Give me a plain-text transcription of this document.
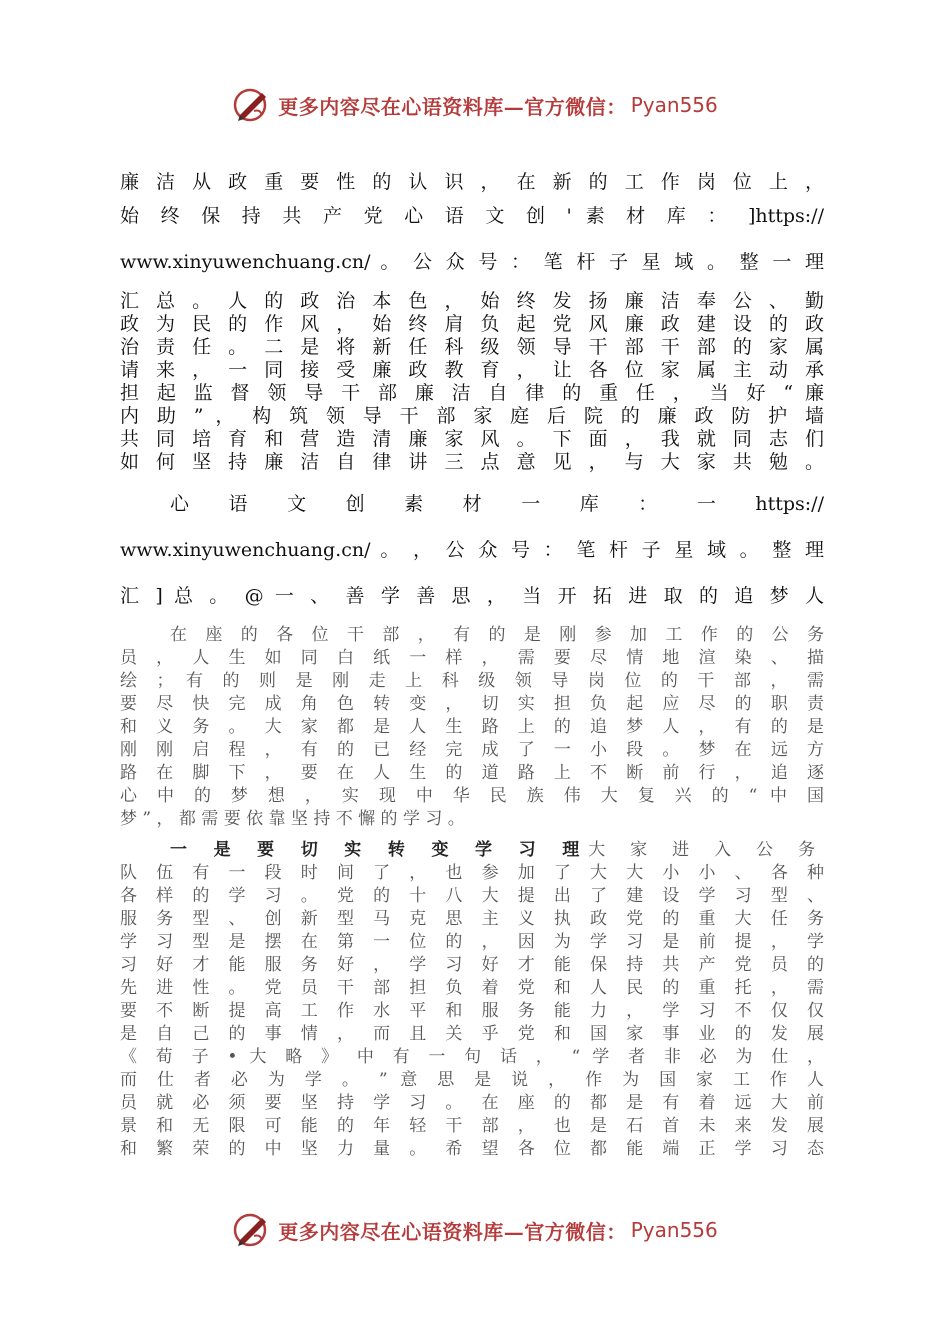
更多内容尽在心语资料库—官方微信： Pyan556
廉 洁 从 政 重 要 性 的 认 识 ， 在 新 的 工 作 岗 位 上 ，
始 终 保 持 共 产 党 心 语 文 创 ' 素 材 库 ： ]https://
www.xinyuwenchuang.cn/ 。 公 众 号 ： 笔 杆 子 星 域 。 整 一 理
汇 总 。 人 的 政 治 本 色 ， 始 终 发 扬 廉 洁 奉 公 、 勤
政 为 民 的 作 风 ， 始 终 肩 负 起 党 风 廉 政 建 设 的 政
治 责 任 。 二 是 将 新 任 科 级 领 导 干 部 干 部 的 家 属
请 来 ， 一 同 接 受 廉 政 教 育 ， 让 各 位 家 属 主 动 承
担 起 监 督 领 导 干 部 廉 洁 自 律 的 重 任 ， 当 好 “ 廉
内 助 ” ， 构 筑 领 导 干 部 家 庭 后 院 的 廉 政 防 护 墙
共 同 培 育 和 营 造 清 廉 家 风 。 下 面 ， 我 就 同 志 们
如 何 坚 持 廉 洁 自 律 讲 三 点 意 见 ， 与 大 家 共 勉 。
心 语 文 创 素 材 一 库 ： 一 https://
www.xinyuwenchuang.cn/ 。 ， 公 众 号 ： 笔 杆 子 星 域 。 整 理
汇 ] 总 。 @ 一 、 善 学 善 思 ， 当 开 拓 进 取 的 追 梦 人
在 座 的 各 位 干 部 ， 有 的 是 刚 参 加 工 作 的 公 务
员 ， 人 生 如 同 白 纸 一 样 ， 需 要 尽 情 地 渲 染 、 描
绘 ； 有 的 则 是 刚 走 上 科 级 领 导 岗 位 的 干 部 ， 需
要 尽 快 完 成 角 色 转 变 ， 切 实 担 负 起 应 尽 的 职 责
和 义 务 。 大 家 都 是 人 生 路 上 的 追 梦 人 ， 有 的 是
刚 刚 启 程 ， 有 的 已 经 完 成 了 一 小 段 。 梦 在 远 方
路 在 脚 下 ， 要 在 人 生 的 道 路 上 不 断 前 行 ， 追 逐
心 中 的 梦 想 ， 实 现 中 华 民 族 伟 大 复 兴 的 “ 中 国
梦 ” ， 都 需 要 依 靠 坚 持 不 懈 的 学 习 。
一 是 要 切 实 转 变 学 习 理 大 家 进 入 公 务
队 伍 有 一 段 时 间 了 ， 也 参 加 了 大 大 小 小 、 各 种
各 样 的 学 习 。 党 的 十 八 大 提 出 了 建 设 学 习 型 、
服 务 型 、 创 新 型 马 克 思 主 义 执 政 党 的 重 大 任 务
学 习 型 是 摆 在 第 一 位 的 ， 因 为 学 习 是 前 提 ， 学
习 好 才 能 服 务 好 ， 学 习 好 才 能 保 持 共 产 党 员 的
先 进 性 。 党 员 干 部 担 负 着 党 和 人 民 的 重 托 ， 需
要 不 断 提 高 工 作 水 平 和 服 务 能 力 ， 学 习 不 仅 仅
是 自 己 的 事 情 ， 而 且 关 乎 党 和 国 家 事 业 的 发 展
《 荀 子 • 大 略 》 中 有 一 句 话 ， “ 学 者 非 必 为 仕 ，
而 仕 者 必 为 学 。 ” 意 思 是 说 ， 作 为 国 家 工 作 人
员 就 必 须 要 坚 持 学 习 。 在 座 的 都 是 有 着 远 大 前
景 和 无 限 可 能 的 年 轻 干 部 ， 也 是 石 首 未 来 发 展
和 繁 荣 的 中 坚 力 量 。 希 望 各 位 都 能 端 正 学 习 态
更多内容尽在心语资料库—官方微信： Pyan556
